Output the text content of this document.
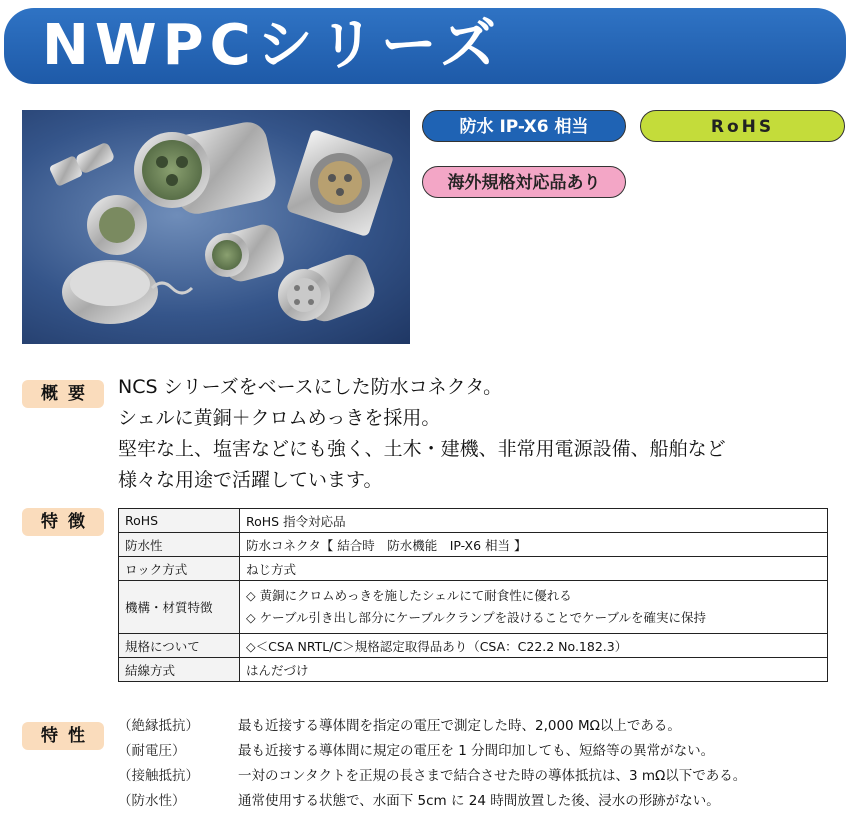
NWPCシリーズ
防水 IP-X6 相当	RoHS
海外規格対応品あり
概要	NCS シリーズをベースにした防水コネクタ。
シェルに黄銅＋クロムめっきを採用。
堅牢な上、塩害などにも強く、土木・建機、非常用電源設備、船舶など
様々な用途で活躍しています。
特徴	RoHS	RoHS 指令対応品
防水性	防水コネクタ【 結合時　防水機能　IP-X6 相当 】
ロック方式	ねじ方式
機構・材質特徴	◇ 黄銅にクロムめっきを施したシェルにて耐食性に優れる
◇ ケーブル引き出し部分にケーブルクランプを設けることでケーブルを確実に保持

規格について	◇＜CSA NRTL/C＞規格認定取得品あり（CSA：C22.2 No.182.3）
結線方式	はんだづけ
特性	（絶縁抵抗）	最も近接する導体間を指定の電圧で測定した時、2,000 MΩ以上である。
（耐電圧）	最も近接する導体間に規定の電圧を 1 分間印加しても、短絡等の異常がない。
（接触抵抗）	一対のコンタクトを正規の長さまで結合させた時の導体抵抗は、3 mΩ以下である。
（防水性）	通常使用する状態で、水面下 5cm に 24 時間放置した後、浸水の形跡がない。
